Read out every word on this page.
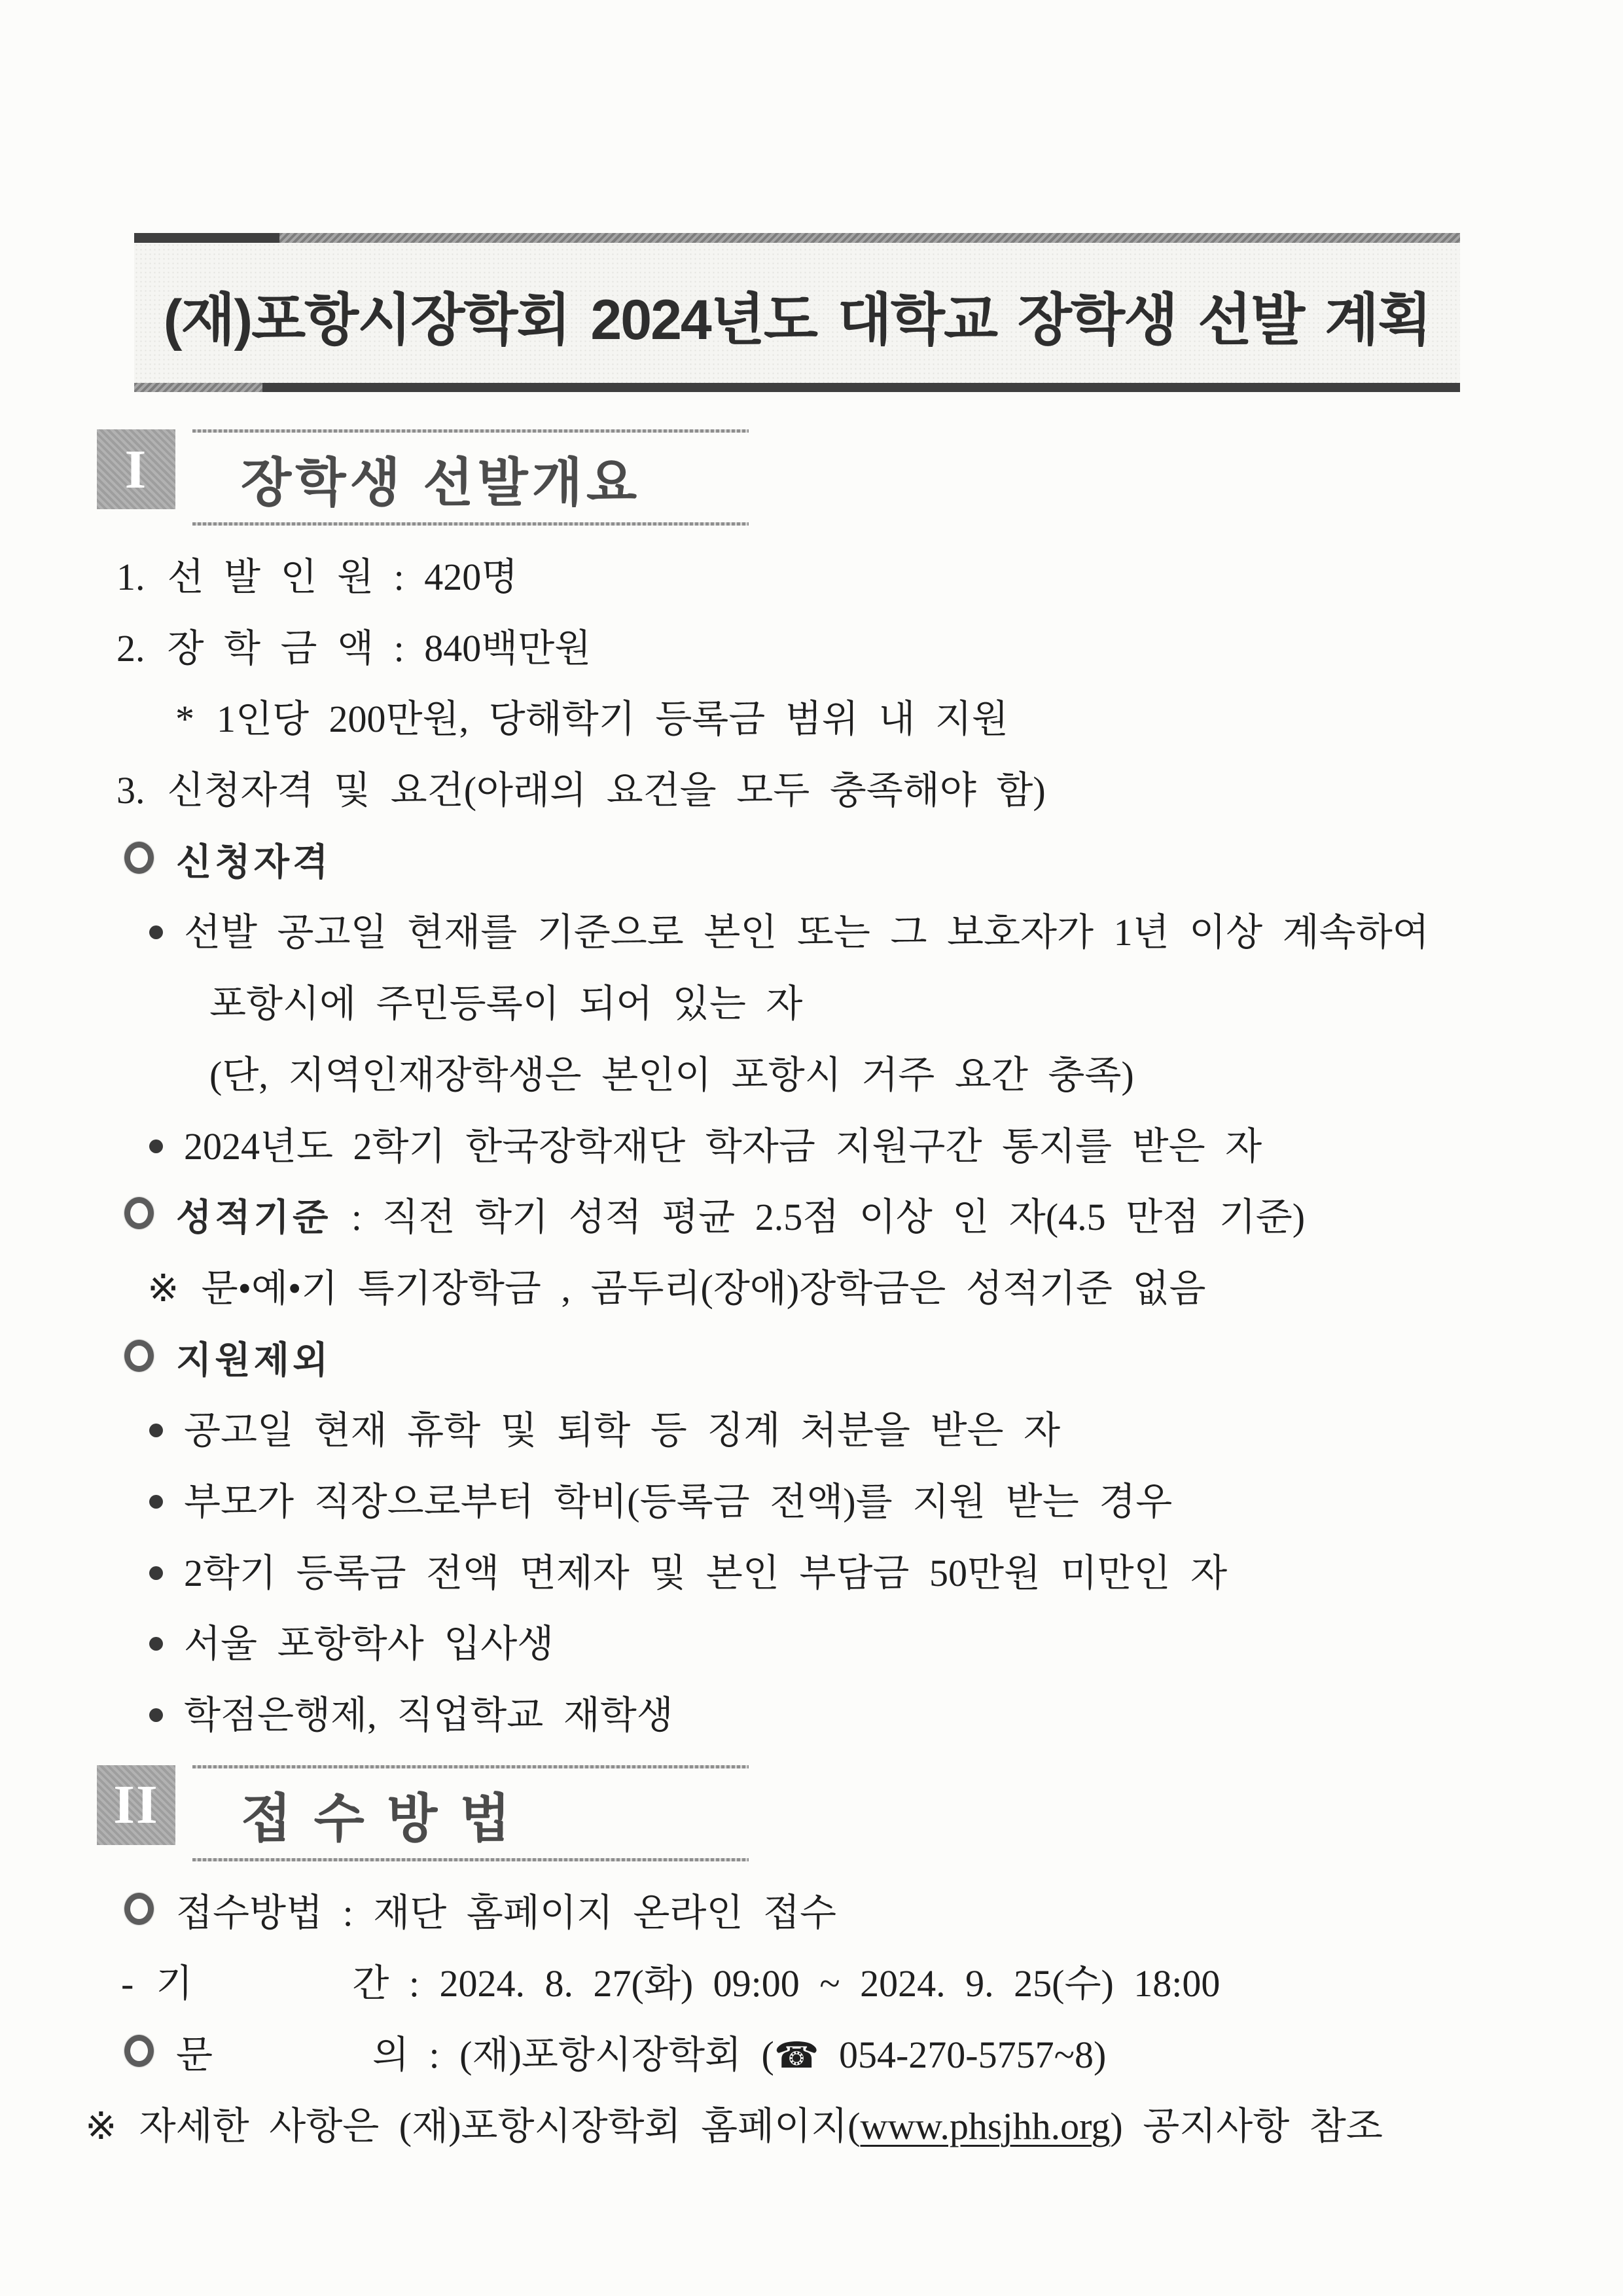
(재)포항시장학회 2024년도 대학교 장학생 선발 계획
I	장학생 선발개요
1. 선 발 인 원 : 420명
2. 장 학 금 액 : 840백만원
* 1인당 200만원, 당해학기 등록금 범위 내 지원
3. 신청자격 및 요건(아래의 요건을 모두 충족해야 함)
신청자격
선발 공고일 현재를 기준으로 본인 또는 그 보호자가 1년 이상 계속하여
포항시에 주민등록이 되어 있는 자
(단, 지역인재장학생은 본인이 포항시 거주 요간 충족)
2024년도 2학기 한국장학재단 학자금 지원구간 통지를 받은 자
성적기준 : 직전 학기 성적 평균 2.5점 이상 인 자(4.5 만점 기준)
※ 문•예•기 특기장학금 , 곰두리(장애)장학금은 성적기준 없음
지원제외
공고일 현재 휴학 및 퇴학 등 징계 처분을 받은 자
부모가 직장으로부터 학비(등록금 전액)를 지원 받는 경우
2학기 등록금 전액 면제자 및 본인 부담금 50만원 미만인 자
서울 포항학사 입사생
학점은행제, 직업학교 재학생
II	접 수 방 법
접수방법 : 재단 홈페이지 온라인 접수
- 기        간 : 2024. 8. 27(화) 09:00 ~ 2024. 9. 25(수) 18:00
문        의 : (재)포항시장학회 (☎ 054-270-5757~8)
※ 자세한 사항은 (재)포항시장학회 홈페이지(www.phsjhh.org) 공지사항 참조
